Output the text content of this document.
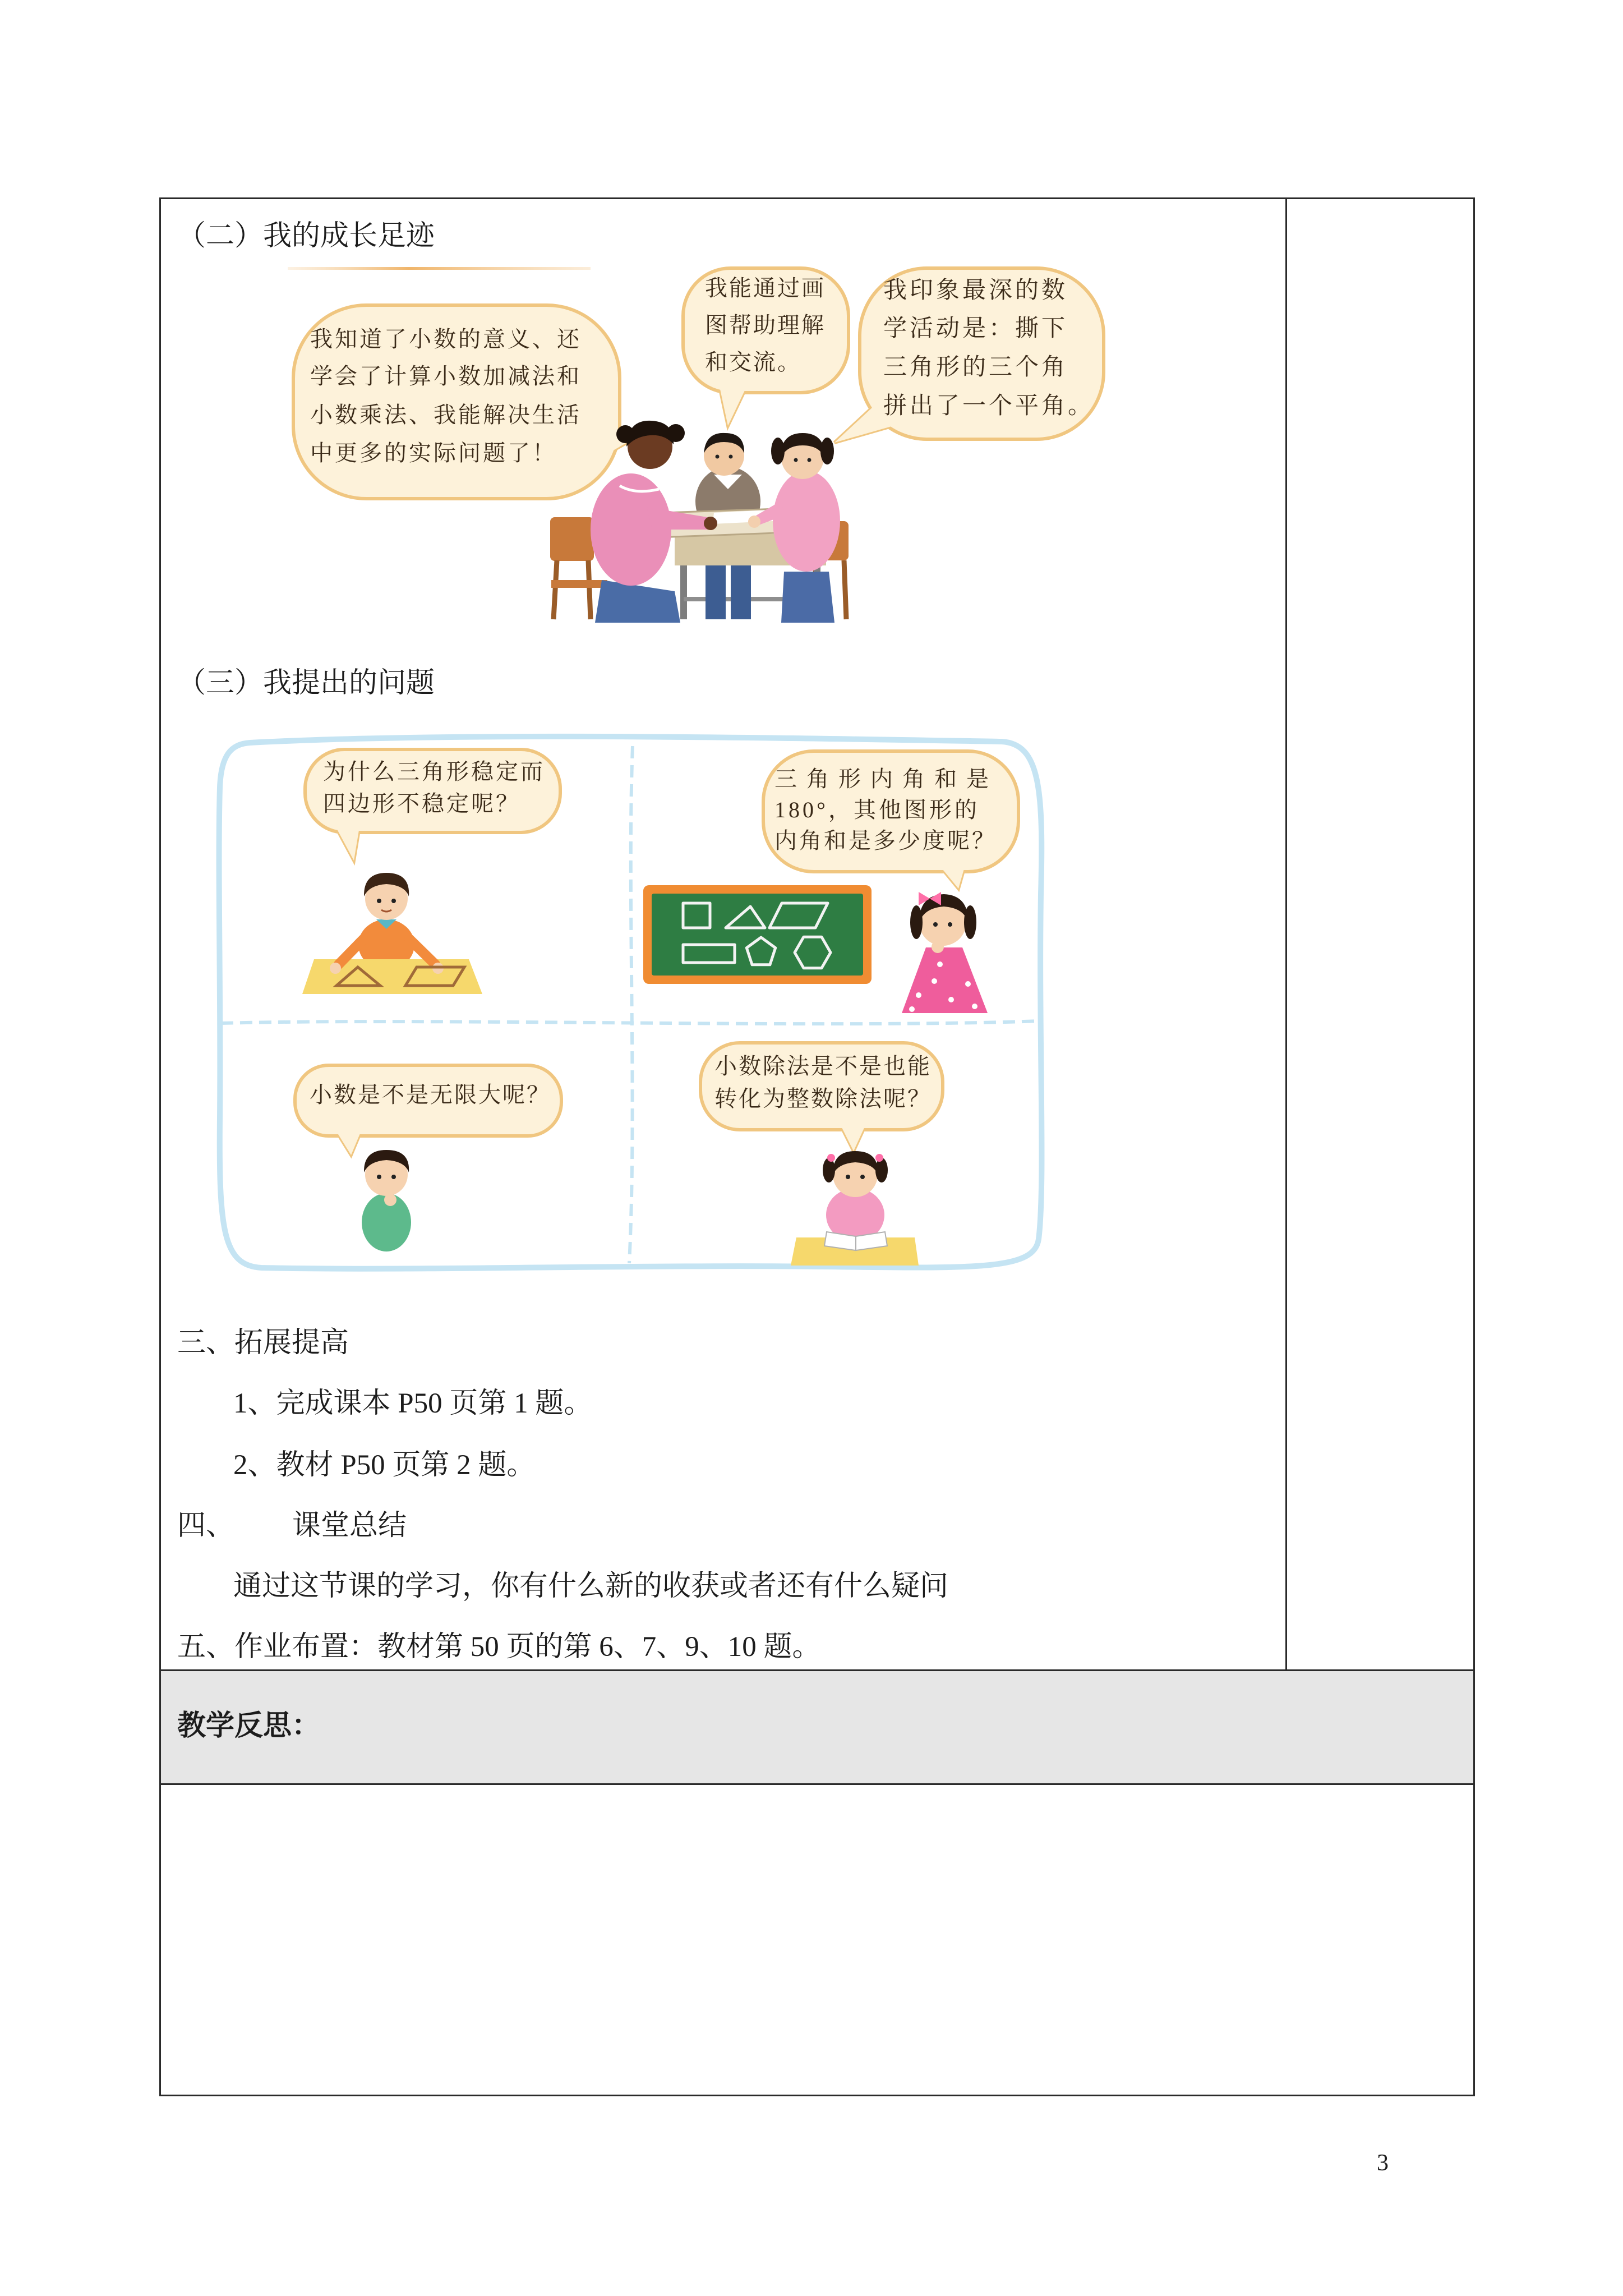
（二）我的成长足迹
我知道了小数的意义、还
学会了计算小数加减法和
小数乘法、我能解决生活
中更多的实际问题了！
我能通过画
图帮助理解
和交流。
我印象最深的数
学活动是：撕下
三角形的三个角
拼出了一个平角。
（三）我提出的问题
为什么三角形稳定而
四边形不稳定呢？
三角形内角和是
180°，其他图形的
内角和是多少度呢？
小数是不是无限大呢？
小数除法是不是也能
转化为整数除法呢？
三、拓展提高
1、完成课本 P50 页第 1 题。
2、教材 P50 页第 2 题。
四、 课堂总结
通过这节课的学习，你有什么新的收获或者还有什么疑问
五、作业布置：教材第 50 页的第 6、7、9、10 题。
教学反思：
3
